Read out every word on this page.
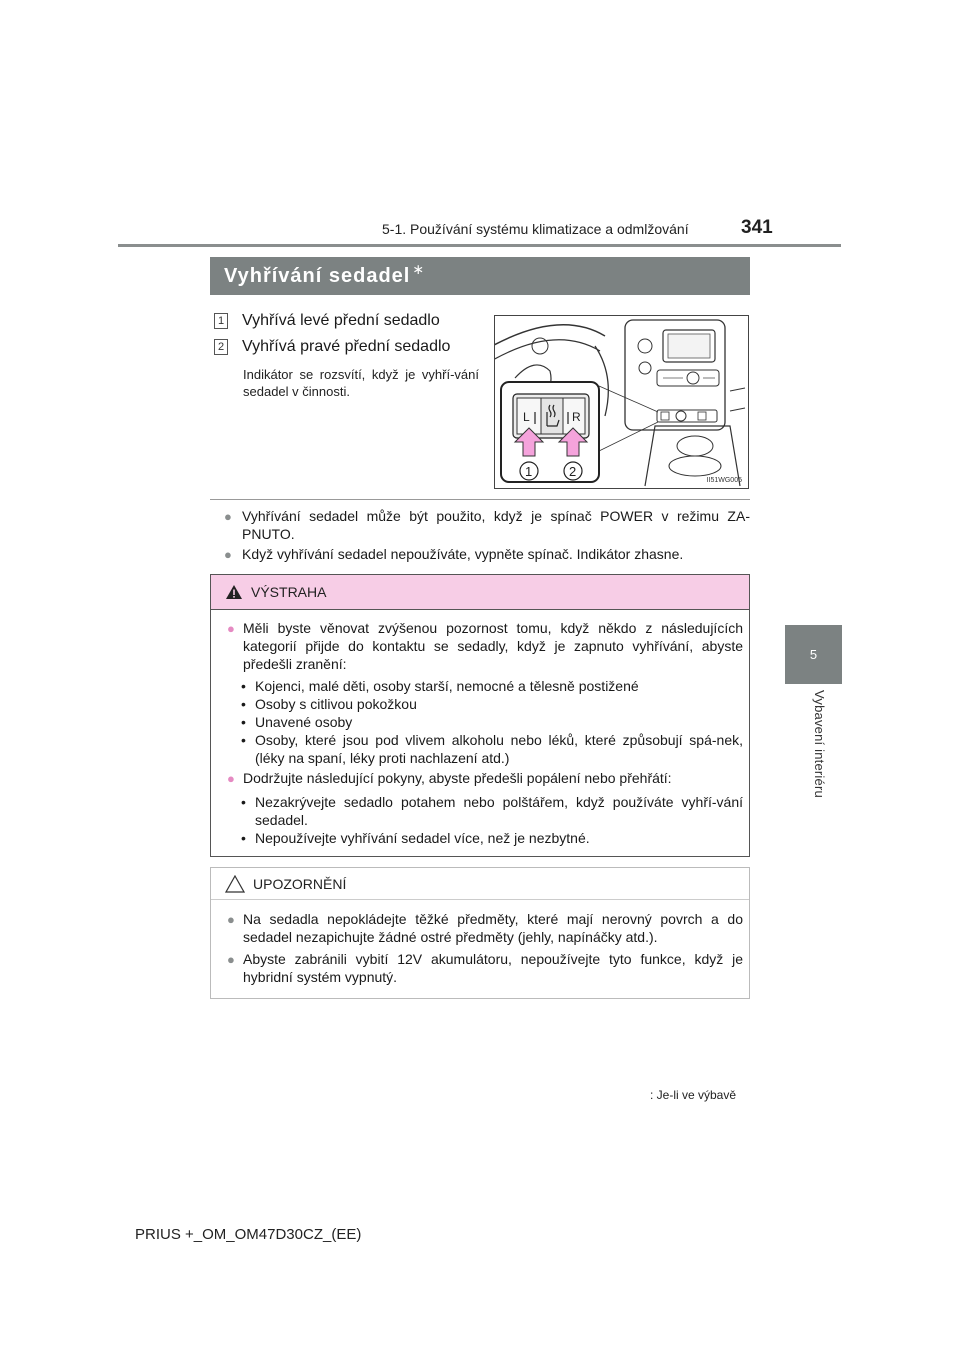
5-1. Používání systému klimatizace a odmlžování	341
5
Vybavení interiéru
Vyhřívání sedadel ∗
1 Vyhřívá levé přední sedadlo
2 Vyhřívá pravé přední sedadlo
Indikátor se rozsvítí, když je vyhří-vání sedadel v činnosti.
L	R
1	2
II51WG005
● Vyhřívání sedadel může být použito, když je spínač POWER v režimu ZA-PNUTO.
● Když vyhřívání sedadel nepoužíváte, vypněte spínač. Indikátor zhasne.
VÝSTRAHA
● Měli byste věnovat zvýšenou pozornost tomu, když někdo z následujících kategorií přijde do kontaktu se sedadly, když je zapnuto vyhřívání, abyste předešli zranění:
• Kojenci, malé děti, osoby starší, nemocné a tělesně postižené
• Osoby s citlivou pokožkou
• Unavené osoby
• Osoby, které jsou pod vlivem alkoholu nebo léků, které způsobují spá-nek, (léky na spaní, léky proti nachlazení atd.)
● Dodržujte následující pokyny, abyste předešli popálení nebo přehřátí:
• Nezakrývejte sedadlo potahem nebo polštářem, když používáte vyhří-vání sedadel.
• Nepoužívejte vyhřívání sedadel více, než je nezbytné.
UPOZORNĚNÍ
● Na sedadla nepokládejte těžké předměty, které mají nerovný povrch a do sedadel nezapichujte žádné ostré předměty (jehly, napínáčky atd.).
● Abyste zabránili vybití 12V akumulátoru, nepoužívejte tyto funkce, když je hybridní systém vypnutý.
: Je-li ve výbavě
PRIUS +_OM_OM47D30CZ_(EE)
